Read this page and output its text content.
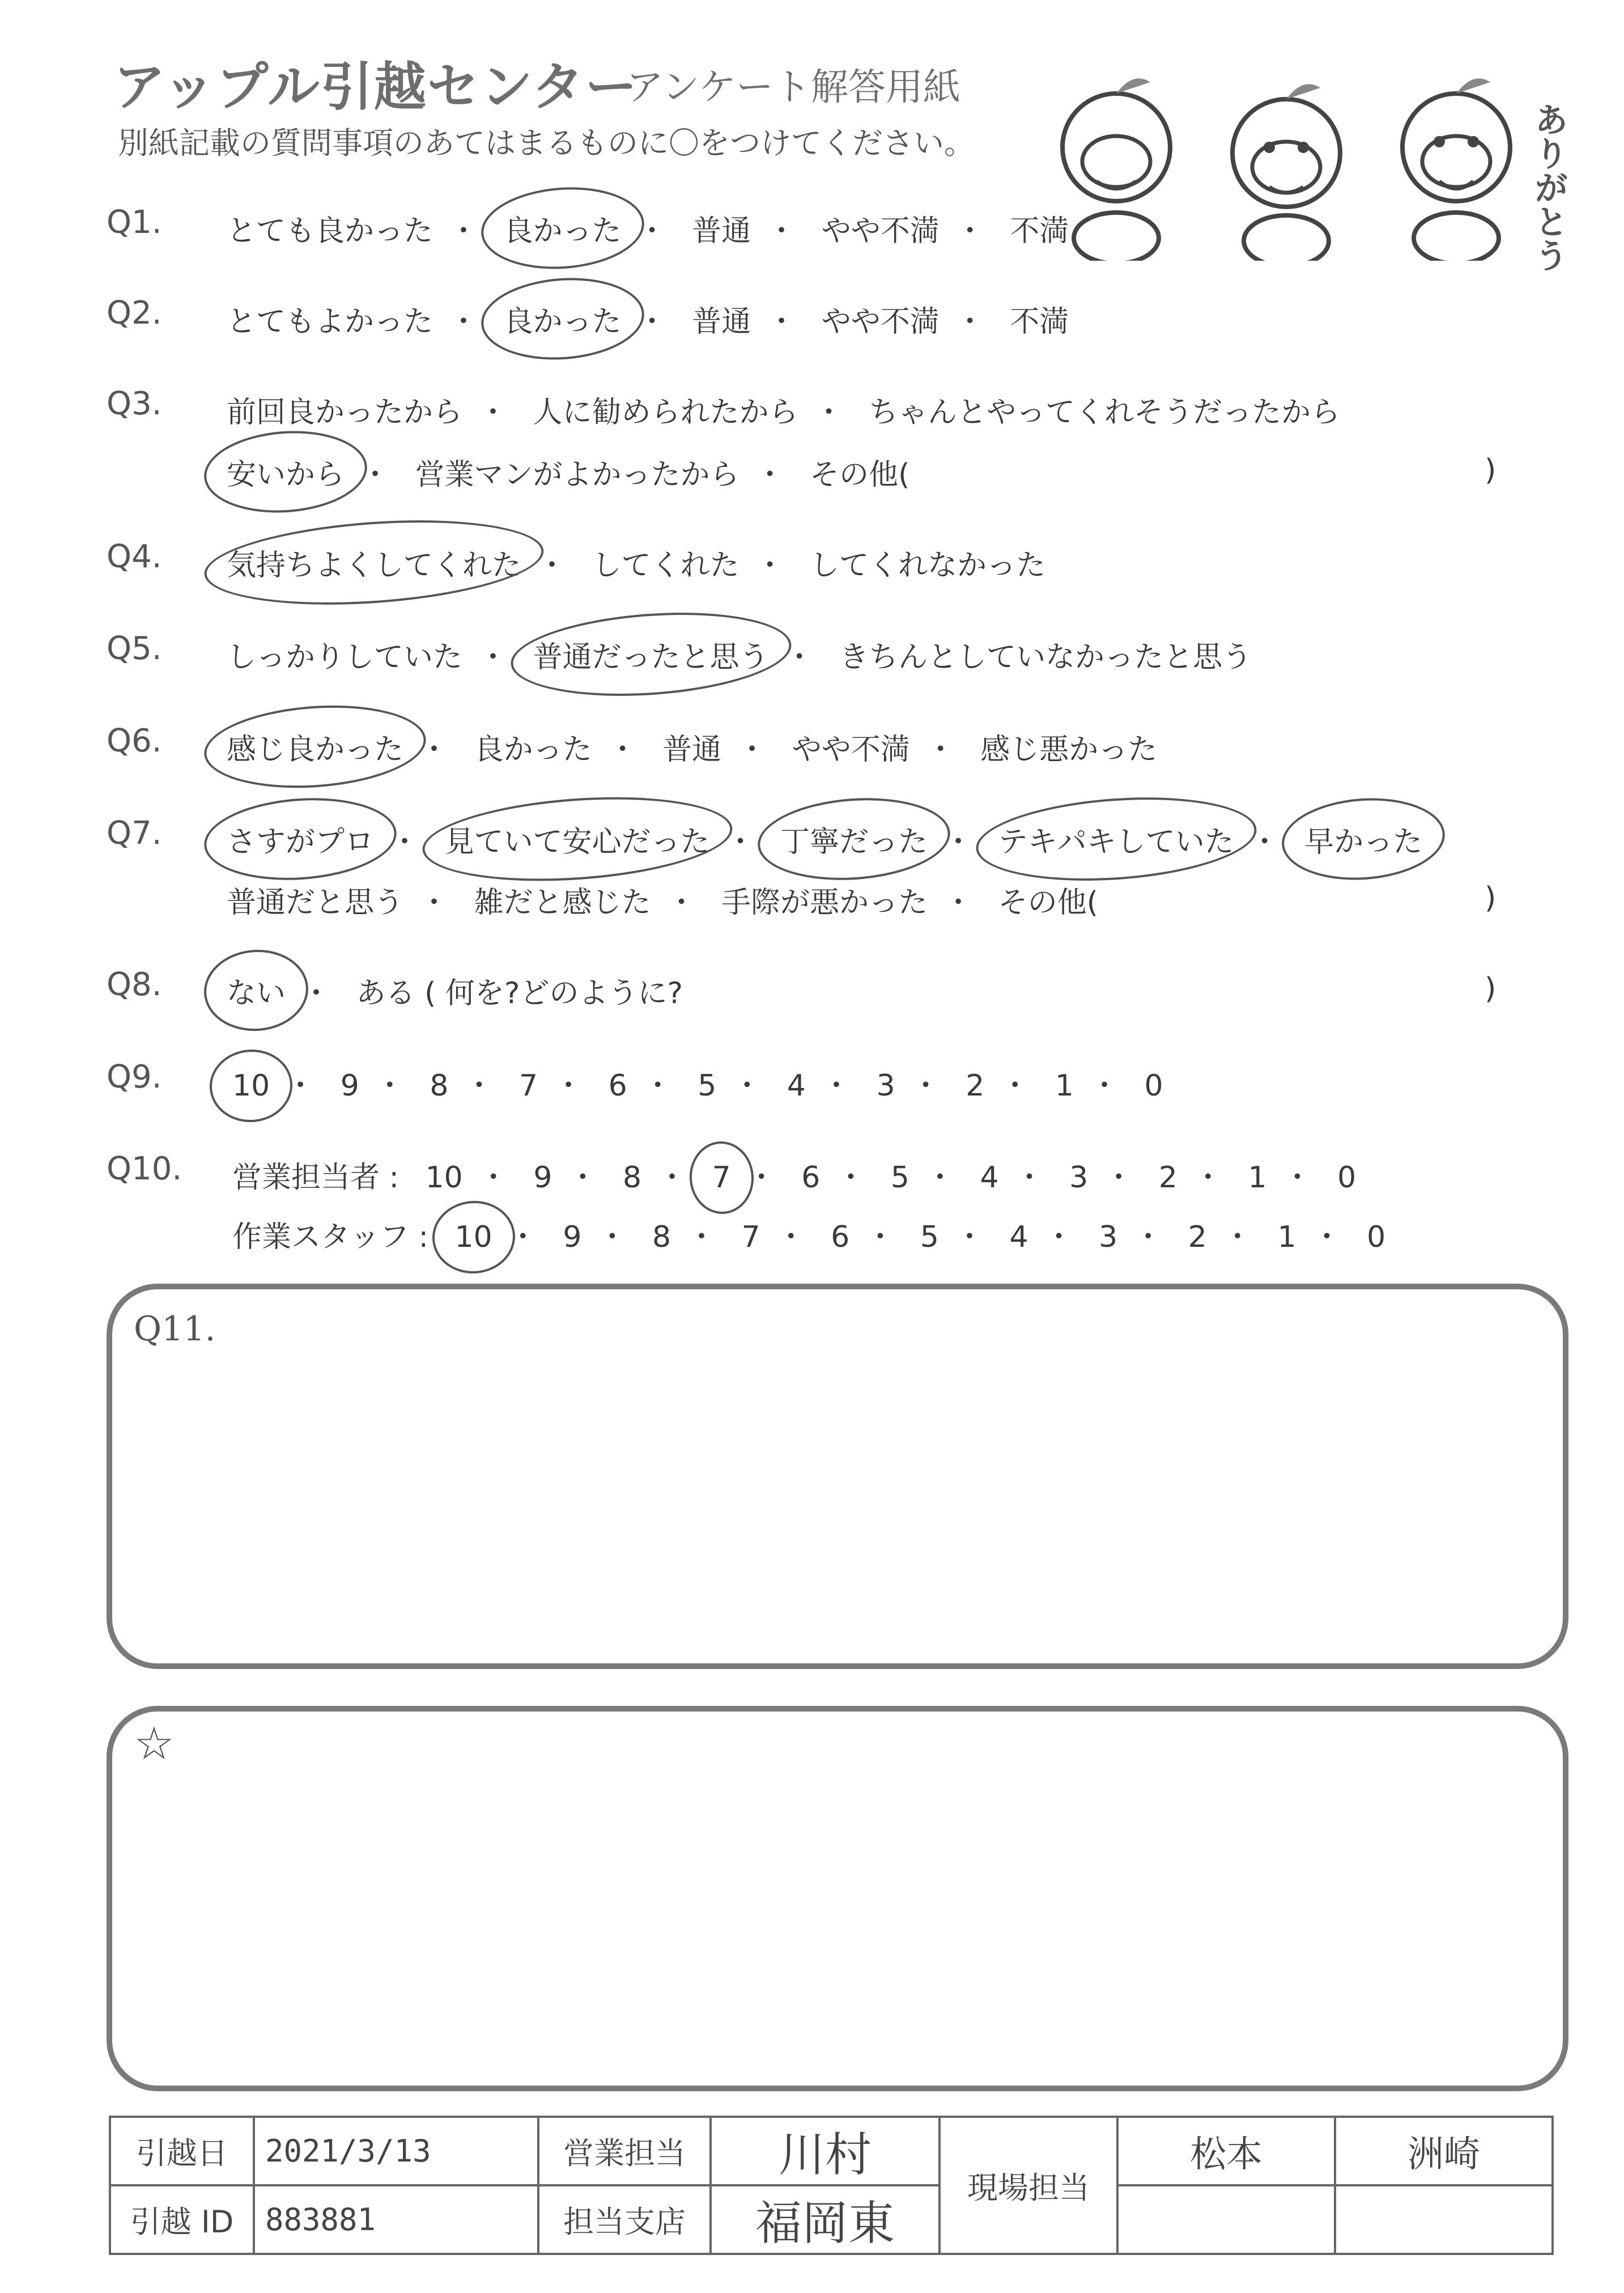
アップル引越センター
アンケート解答用紙
別紙記載の質問事項のあてはまるものに〇をつけてください。	ありがとう
Q1. とても良かった ・ 良かった ・ 普通 ・ やや不満 ・ 不満
Q2. とてもよかった ・ 良かった ・ 普通 ・ やや不満 ・ 不満
Q3. 前回良かったから ・ 人に勧められたから ・ ちゃんとやってくれそうだったから
安いから ・ 営業マンがよかったから ・ その他(	)
Q4. 気持ちよくしてくれた ・ してくれた ・ してくれなかった
Q5. しっかりしていた ・ 普通だったと思う ・ きちんとしていなかったと思う
Q6. 感じ良かった ・ 良かった ・ 普通 ・ やや不満 ・ 感じ悪かった
Q7. さすがプロ ・ 見ていて安心だった ・ 丁寧だった ・ テキパキしていた ・ 早かった
普通だと思う ・ 雑だと感じた ・ 手際が悪かった ・ その他(	)
Q8. ない ・ ある ( 何を?どのように?	)
Q9. 10 ・ 9 ・ 8 ・ 7 ・ 6 ・ 5 ・ 4 ・ 3 ・ 2 ・ 1 ・ 0
Q10. 営業担当者 : 10 ・ 9 ・ 8 ・ 7 ・ 6 ・ 5 ・ 4 ・ 3 ・ 2 ・ 1 ・ 0
作業スタッフ : 10 ・ 9 ・ 8 ・ 7 ・ 6 ・ 5 ・ 4 ・ 3 ・ 2 ・ 1 ・ 0
Q11.
☆
引越日	2021/3/13	営業担当	川村	現場担当	松本	洲崎
引越 ID	883881	担当支店	福岡東			
